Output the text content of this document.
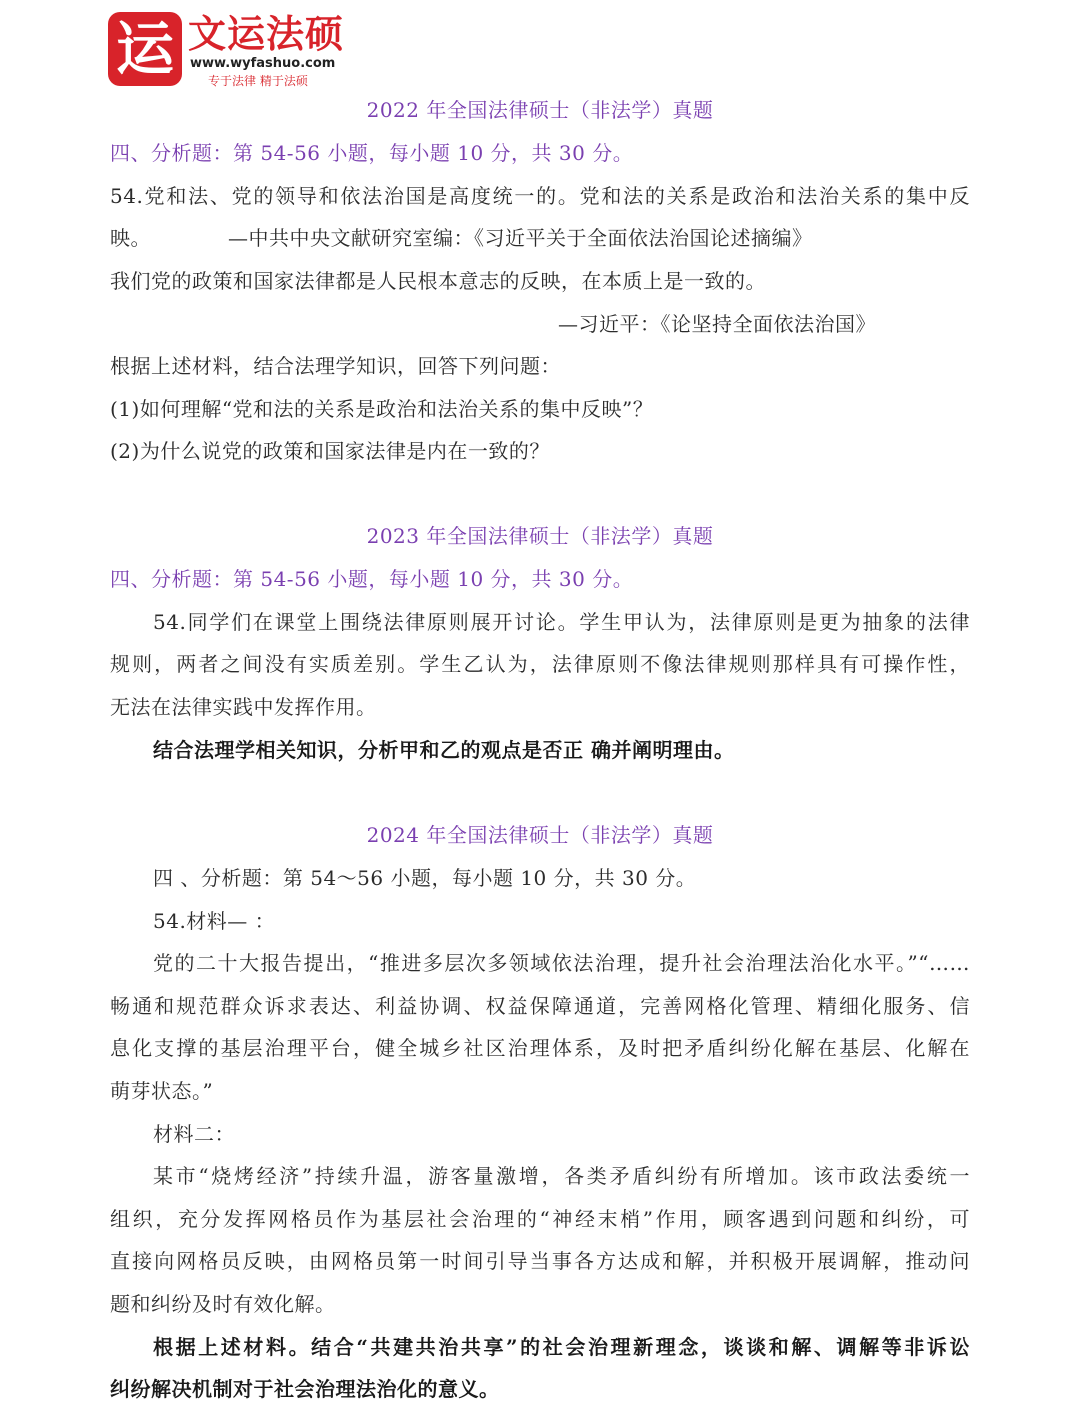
运 文运法硕
www.wyfashuo.com
专于法律 精于法硕
2022 年全国法律硕士（非法学）真题
四、分析题：第 54-56 小题，每小题 10 分，共 30 分。
54.党和法、党的领导和依法治国是高度统一的。党和法的关系是政治和法治关系的集中反
映。	—中共中央文献研究室编：《习近平关于全面依法治国论述摘编》
我们党的政策和国家法律都是人民根本意志的反映，在本质上是一致的。
—习近平：《论坚持全面依法治国》
根据上述材料，结合法理学知识，回答下列问题：
(1)如何理解“党和法的关系是政治和法治关系的集中反映”？
(2)为什么说党的政策和国家法律是内在一致的？
2023 年全国法律硕士（非法学）真题
四、分析题：第 54-56 小题，每小题 10 分，共 30 分。
54.同学们在课堂上围绕法律原则展开讨论。学生甲认为，法律原则是更为抽象的法律
规则，两者之间没有实质差别。学生乙认为，法律原则不像法律规则那样具有可操作性，
无法在法律实践中发挥作用。
结合法理学相关知识，分析甲和乙的观点是否正 确并阐明理由。
2024 年全国法律硕士（非法学）真题
四 、分析题：第 54～56 小题，每小题 10 分，共 30 分。
54.材料— ：
党的二十大报告提出，“推进多层次多领域依法治理，提升社会治理法治化水平。”“……
畅通和规范群众诉求表达、利益协调、权益保障通道，完善网格化管理、精细化服务、信
息化支撑的基层治理平台，健全城乡社区治理体系，及时把矛盾纠纷化解在基层、化解在
萌芽状态。”
材料二：
某市“烧烤经济”持续升温，游客量激增，各类矛盾纠纷有所增加。该市政法委统一
组织，充分发挥网格员作为基层社会治理的“神经末梢”作用，顾客遇到问题和纠纷，可
直接向网格员反映，由网格员第一时间引导当事各方达成和解，并积极开展调解，推动问
题和纠纷及时有效化解。
根据上述材料。结合“共建共治共享”的社会治理新理念，谈谈和解、调解等非诉讼
纠纷解决机制对于社会治理法治化的意义。
